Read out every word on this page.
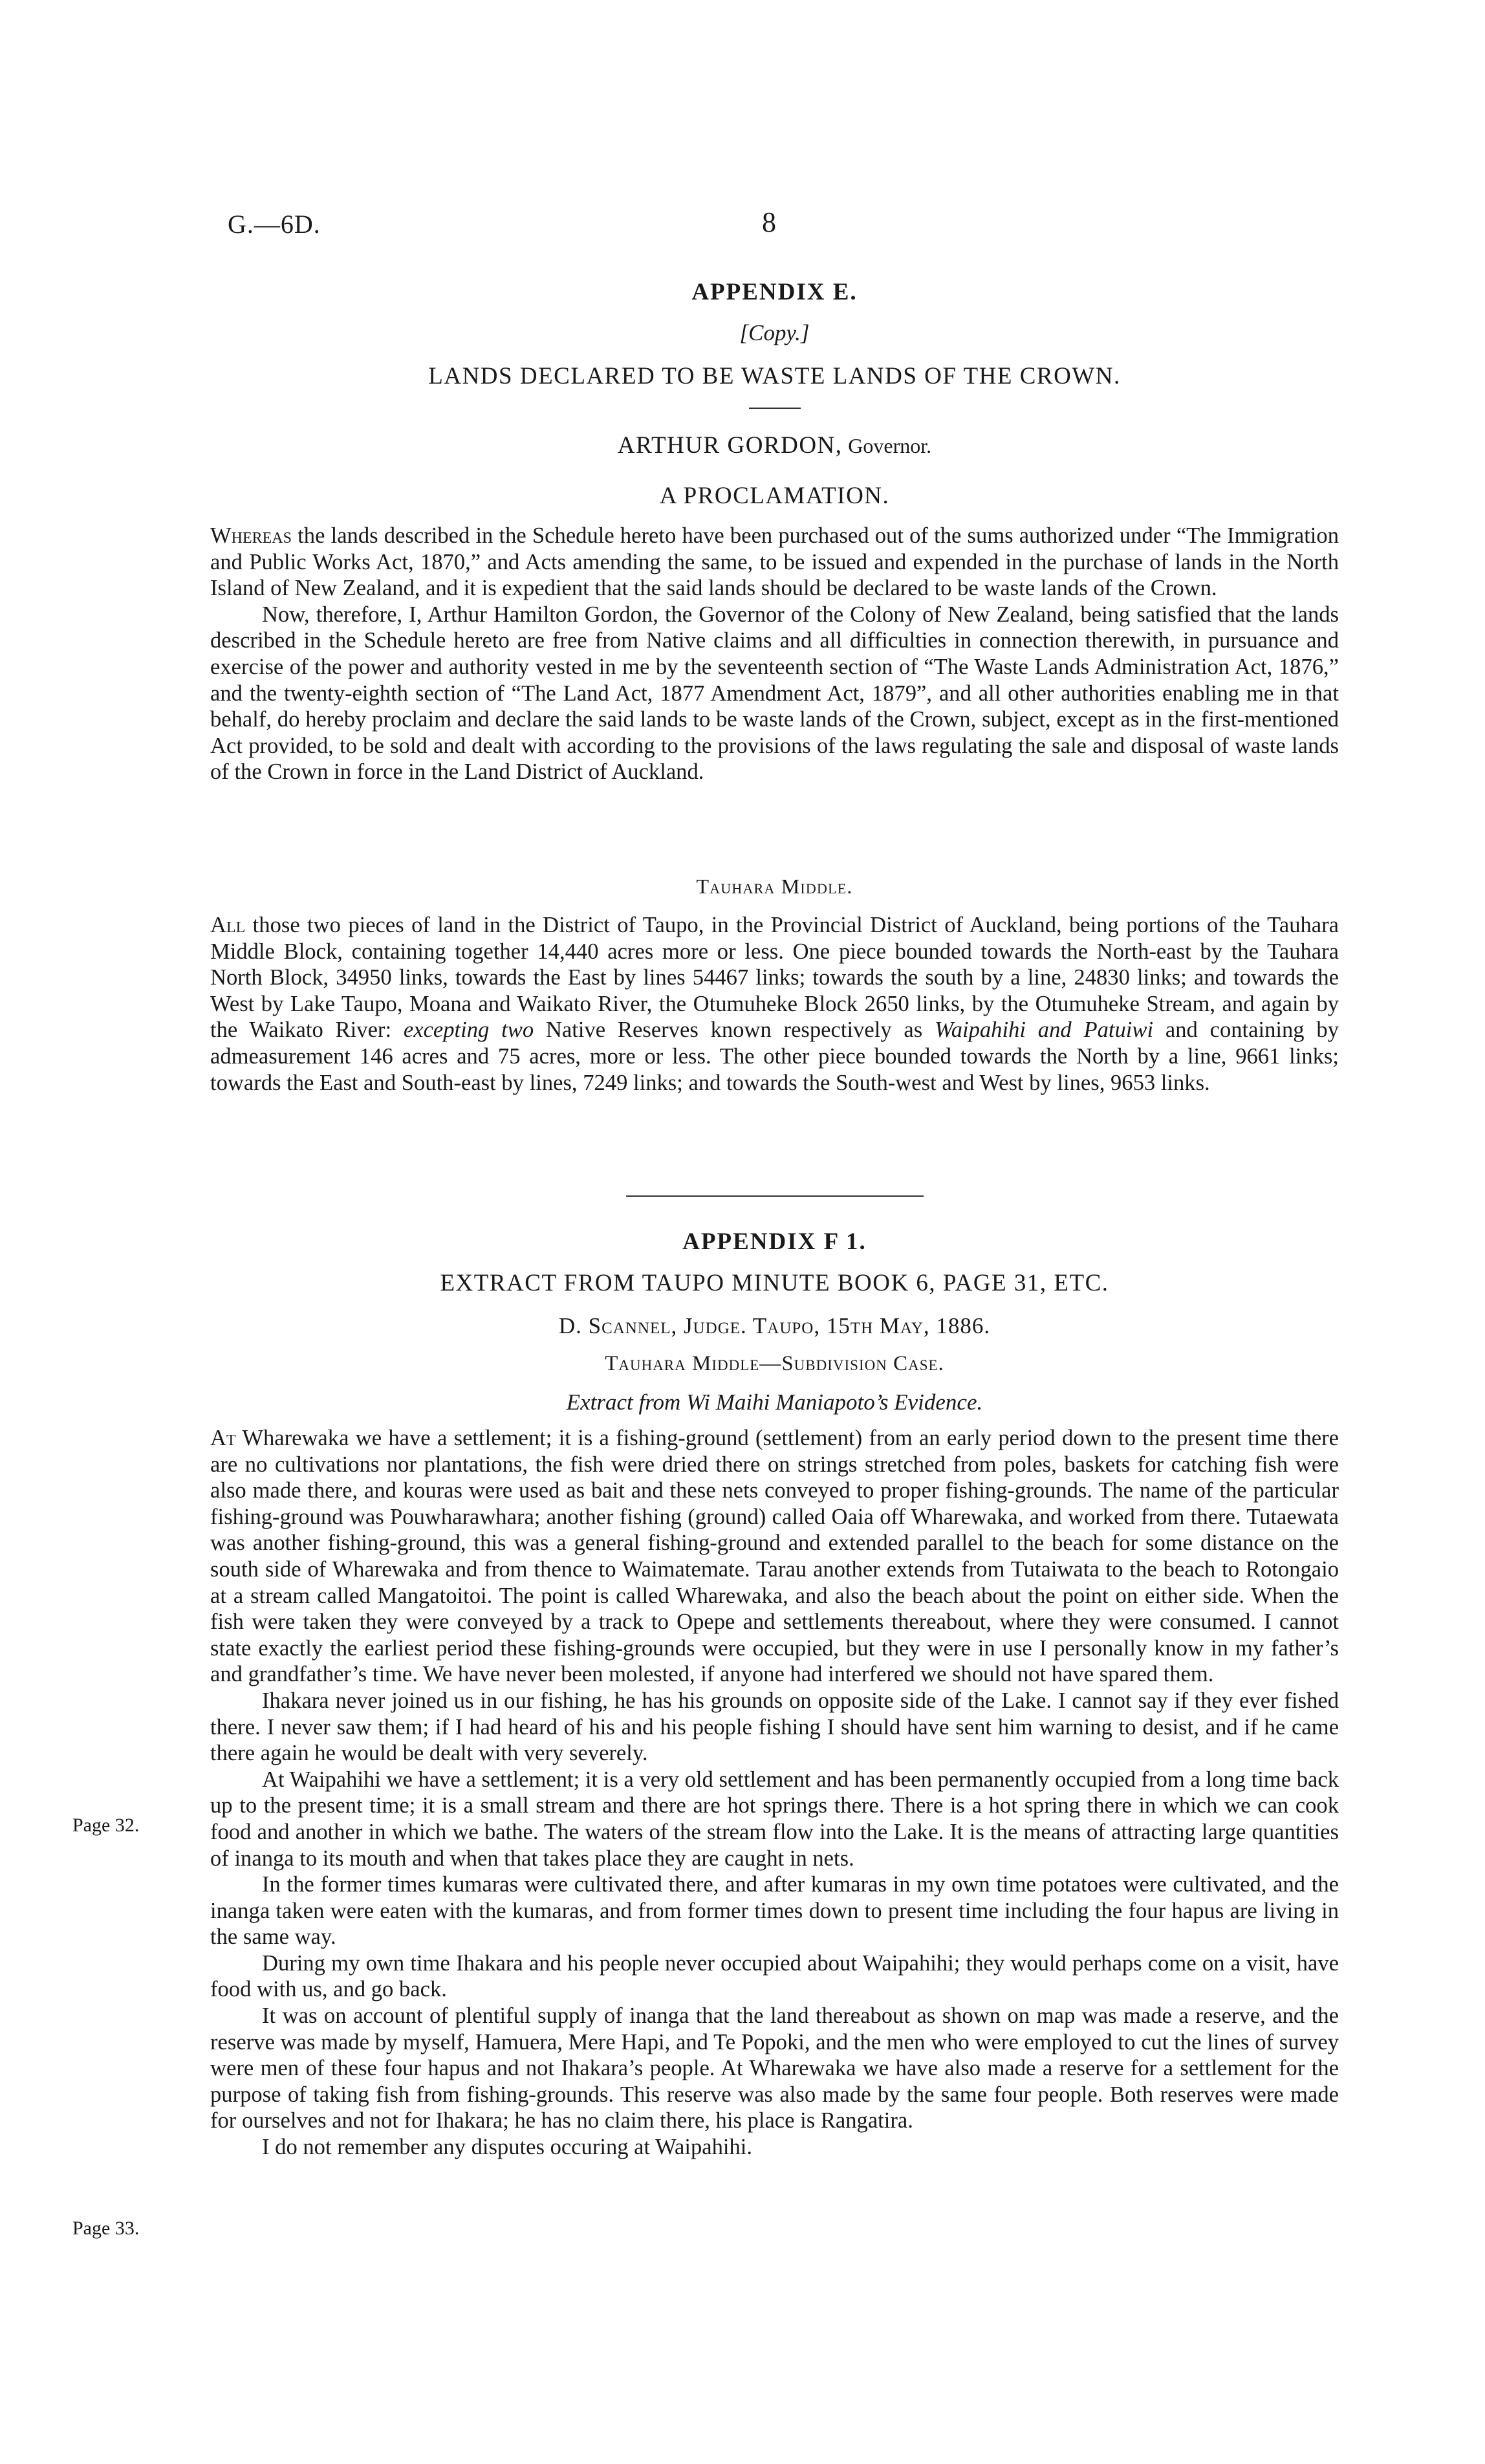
G.—6D.	8
APPENDIX E.
[Copy.]
LANDS DECLARED TO BE WASTE LANDS OF THE CROWN.
ARTHUR GORDON, Governor.
A PROCLAMATION.

Whereas the lands described in the Schedule hereto have been purchased out of the sums authorized under “The Immigration and Public Works Act, 1870,” and Acts amending the same, to be issued and expended in the purchase of lands in the North Island of New Zealand, and it is expedient that the said lands should be declared to be waste lands of the Crown.

Now, therefore, I, Arthur Hamilton Gordon, the Governor of the Colony of New Zealand, being satisfied that the lands described in the Schedule hereto are free from Native claims and all difficulties in connection therewith, in pursuance and exercise of the power and authority vested in me by the seventeenth section of “The Waste Lands Administration Act, 1876,” and the twenty-eighth section of “The Land Act, 1877 Amendment Act, 1879”, and all other authorities enabling me in that behalf, do hereby proclaim and declare the said lands to be waste lands of the Crown, subject, except as in the first-mentioned Act provided, to be sold and dealt with according to the provisions of the laws regulating the sale and disposal of waste lands of the Crown in force in the Land District of Auckland.

Tauhara Middle.

All those two pieces of land in the District of Taupo, in the Provincial District of Auckland, being portions of the Tauhara Middle Block, containing together 14,440 acres more or less. One piece bounded towards the North-east by the Tauhara North Block, 34950 links, towards the East by lines 54467 links; towards the south by a line, 24830 links; and towards the West by Lake Taupo, Moana and Waikato River, the Otumuheke Block 2650 links, by the Otumuheke Stream, and again by the Waikato River: excepting two Native Reserves known respectively as Waipahihi and Patuiwi and containing by admeasurement 146 acres and 75 acres, more or less. The other piece bounded towards the North by a line, 9661 links; towards the East and South-east by lines, 7249 links; and towards the South-west and West by lines, 9653 links.

APPENDIX F 1.
EXTRACT FROM TAUPO MINUTE BOOK 6, PAGE 31, ETC.
D. Scannel, Judge. Taupo, 15th May, 1886.
Tauhara Middle—Subdivision Case.
Extract from Wi Maihi Maniapoto’s Evidence.

At Wharewaka we have a settlement; it is a fishing-ground (settlement) from an early period down to the present time there are no cultivations nor plantations, the fish were dried there on strings stretched from poles, baskets for catching fish were also made there, and kouras were used as bait and these nets conveyed to proper fishing-grounds. The name of the particular fishing-ground was Pouwharawhara; another fishing (ground) called Oaia off Wharewaka, and worked from there. Tutaewata was another fishing-ground, this was a general fishing-ground and extended parallel to the beach for some distance on the south side of Wharewaka and from thence to Waimatemate. Tarau another extends from Tutaiwata to the beach to Rotongaio at a stream called Mangatoitoi. The point is called Wharewaka, and also the beach about the point on either side. When the fish were taken they were conveyed by a track to Opepe and settlements thereabout, where they were consumed. I cannot state exactly the earliest period these fishing-grounds were occupied, but they were in use I personally know in my father’s and grandfather’s time. We have never been molested, if anyone had interfered we should not have spared them.

Ihakara never joined us in our fishing, he has his grounds on opposite side of the Lake. I cannot say if they ever fished there. I never saw them; if I had heard of his and his people fishing I should have sent him warning to desist, and if he came there again he would be dealt with very severely.

At Waipahihi we have a settlement; it is a very old settlement and has been permanently occupied from a long time back up to the present time; it is a small stream and there are hot springs there. There is a hot spring there in which we can cook food and another in which we bathe. The waters of the stream flow into the Lake. It is the means of attracting large quantities of inanga to its mouth and when that takes place they are caught in nets.

In the former times kumaras were cultivated there, and after kumaras in my own time potatoes were cultivated, and the inanga taken were eaten with the kumaras, and from former times down to present time including the four hapus are living in the same way.

During my own time Ihakara and his people never occupied about Waipahihi; they would perhaps come on a visit, have food with us, and go back.

It was on account of plentiful supply of inanga that the land thereabout as shown on map was made a reserve, and the reserve was made by myself, Hamuera, Mere Hapi, and Te Popoki, and the men who were employed to cut the lines of survey were men of these four hapus and not Ihakara’s people. At Wharewaka we have also made a reserve for a settlement for the purpose of taking fish from fishing-grounds. This reserve was also made by the same four people. Both reserves were made for ourselves and not for Ihakara; he has no claim there, his place is Rangatira.

I do not remember any disputes occuring at Waipahihi.

Page 32.
Page 33.
